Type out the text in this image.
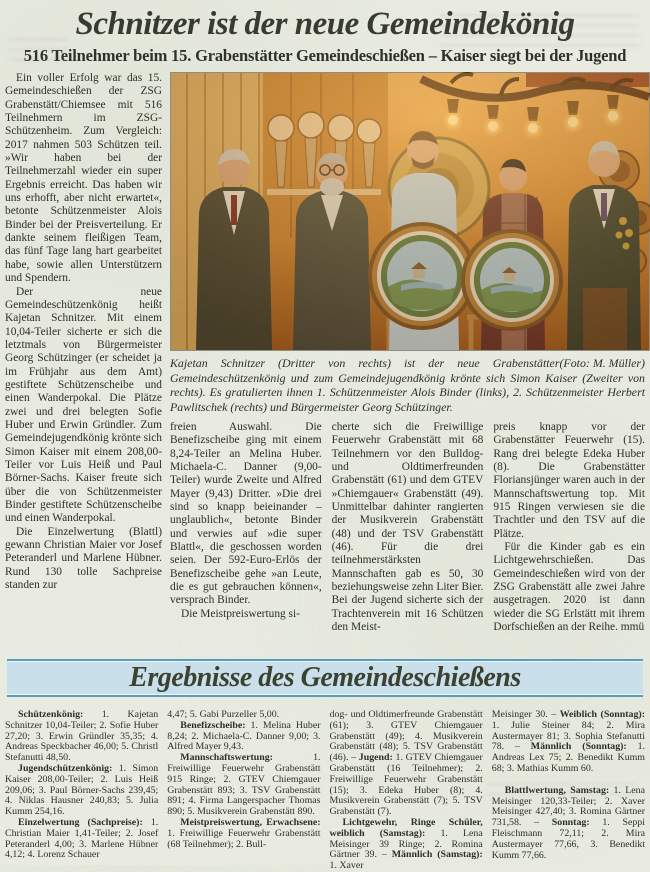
Schnitzer ist der neue Gemeindekönig
516 Teilnehmer beim 15. Grabenstätter Gemeindeschießen – Kaiser siegt bei der Jugend

Ein voller Erfolg war das 15. Gemeindeschießen der ZSG Grabenstätt/Chiemsee mit 516 Teilnehmern im ZSG-Schützenheim. Zum Vergleich: 2017 nahmen 503 Schützen teil. »Wir haben bei der Teilnehmerzahl wieder ein super Ergebnis erreicht. Das haben wir uns erhofft, aber nicht erwartet«, betonte Schützenmeister Alois Binder bei der Preisverteilung. Er dankte seinem fleißigen Team, das fünf Tage lang hart gearbeitet habe, sowie allen Unterstützern und Spendern.

Der neue Gemeindeschützenkönig heißt Kajetan Schnitzer. Mit einem 10,04-Teiler sicherte er sich die letztmals von Bürgermeister Georg Schützinger (er scheidet ja im Frühjahr aus dem Amt) gestiftete Schützenscheibe und einen Wanderpokal. Die Plätze zwei und drei belegten Sofie Huber und Erwin Gründler. Zum Gemeindejugendkönig krönte sich Simon Kaiser mit einem 208,00-Teiler vor Luis Heiß und Paul Börner-Sachs. Kaiser freute sich über die von Schützenmeister Binder gestiftete Schützenscheibe und einen Wanderpokal.

Die Einzelwertung (Blattl) gewann Christian Maier vor Josef Peteranderl und Marlene Hübner. Rund 130 tolle Sachpreise standen zur

(Foto: M. Müller)
Kajetan Schnitzer (Dritter von rechts) ist der neue Grabenstätter Gemeindeschützenkönig und zum Gemeindejugendkönig krönte sich Simon Kaiser (Zweiter von rechts). Es gratulierten ihnen 1. Schützenmeister Alois Binder (links), 2. Schützenmeister Herbert Pawlitschek (rechts) und Bürgermeister Georg Schützinger.

freien Auswahl. Die Benefizscheibe ging mit einem 8,24-Teiler an Melina Huber. Michaela-C. Danner (9,00-Teiler) wurde Zweite und Alfred Mayer (9,43) Dritter. »Die drei sind so knapp beieinander – unglaublich«, betonte Binder und verwies auf »die super Blattl«, die geschossen worden seien. Der 592-Euro-Erlös der Benefizscheibe gehe »an Leute, die es gut gebrauchen können«, versprach Binder.

Die Meistpreiswertung si-

cherte sich die Freiwillige Feuerwehr Grabenstätt mit 68 Teilnehmern vor den Bulldog- und Oldtimerfreunden Grabenstätt (61) und dem GTEV »Chiemgauer« Grabenstätt (49). Unmittelbar dahinter rangierten der Musikverein Grabenstätt (48) und der TSV Grabenstätt (46). Für die drei teilnehmerstärksten Mannschaften gab es 50, 30 beziehungsweise zehn Liter Bier. Bei der Jugend sicherte sich der Trachtenverein mit 16 Schützen den Meist-

preis knapp vor der Grabenstätter Feuerwehr (15). Rang drei belegte Edeka Huber (8). Die Grabenstätter Floriansjünger waren auch in der Mannschaftswertung top. Mit 915 Ringen verwiesen sie die Trachtler und den TSV auf die Plätze.

Für die Kinder gab es ein Lichtgewehrschießen. Das Gemeindeschießen wird von der ZSG Grabenstätt alle zwei Jahre ausgetragen. 2020 ist dann wieder die SG Erlstätt mit ihrem Dorfschießen an der Reihe. mmü

Ergebnisse des Gemeindeschießens

Schützenkönig: 1. Kajetan Schnitzer 10,04-Teiler; 2. Sofie Huber 27,20; 3. Erwin Gründler 35,35; 4. Andreas Speckbacher 46,00; 5. Christl Stefanutti 48,50.

Jugendschützenkönig: 1. Simon Kaiser 208,00-Teiler; 2. Luis Heiß 209,06; 3. Paul Börner-Sachs 239,45; 4. Niklas Hausner 240,83; 5. Julia Kumm 254,16.

Einzelwertung (Sachpreise): 1. Christian Maier 1,41-Teiler; 2. Josef Peteranderl 4,00; 3. Marlene Hübner 4,12; 4. Lorenz Schauer

4,47; 5. Gabi Purzeller 5,00.

Benefizscheibe: 1. Melina Huber 8,24; 2. Michaela-C. Danner 9,00; 3. Alfred Mayer 9,43.

Mannschaftswertung: 1. Freiwillige Feuerwehr Grabenstätt 915 Ringe; 2. GTEV Chiemgauer Grabenstätt 893; 3. TSV Grabenstätt 891; 4. Firma Langerspacher Thomas 890; 5. Musikverein Grabenstätt 890.

Meistpreiswertung, Erwachsene: 1. Freiwillige Feuerwehr Grabenstätt (68 Teilnehmer); 2. Bull-

dog- und Oldtimerfreunde Grabenstätt (61); 3. GTEV Chiemgauer Grabenstätt (49); 4. Musikverein Grabenstätt (48); 5. TSV Grabenstätt (46). – Jugend: 1. GTEV Chiemgauer Grabenstätt (16 Teilnehmer); 2. Freiwillige Feuerwehr Grabenstätt (15); 3. Edeka Huber (8); 4. Musikverein Grabenstätt (7); 5. TSV Grabenstätt (7).

Lichtgewehr, Ringe Schüler, weiblich (Samstag): 1. Lena Meisinger 39 Ringe; 2. Romina Gärtner 39. – Männlich (Samstag): 1. Xaver

Meisinger 30. – Weiblich (Sonntag): 1. Julie Steiner 84; 2. Mira Austermayer 81; 3. Sophia Stefanutti 78. – Männlich (Sonntag): 1. Andreas Lex 75; 2. Benedikt Kumm 68; 3. Mathias Kumm 60.

Blattlwertung, Samstag: 1. Lena Meisinger 120,33-Teiler; 2. Xaver Meisinger 427,40; 3. Romina Gärtner 731,58. – Sonntag: 1. Seppi Fleischmann 72,11; 2. Mira Austermayer 77,66, 3. Benedikt Kumm 77,66.
